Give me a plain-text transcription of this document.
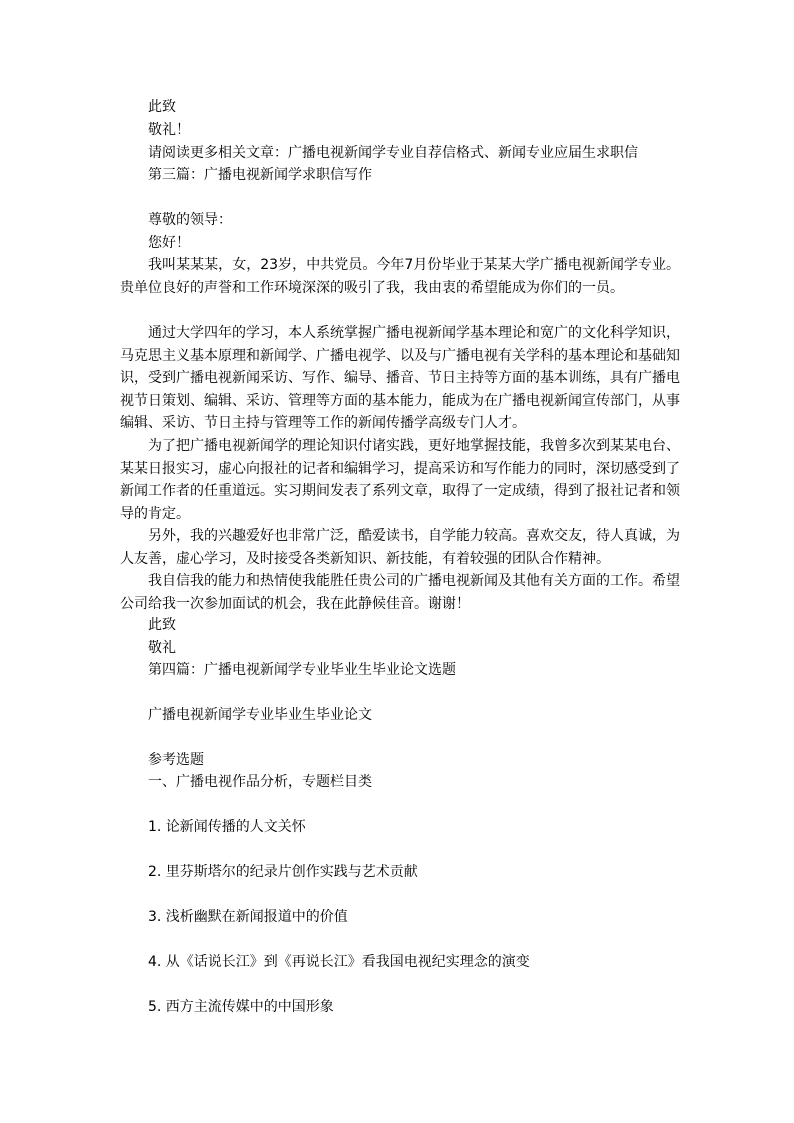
此致

敬礼！

请阅读更多相关文章：广播电视新闻学专业自荐信格式、新闻专业应届生求职信

第三篇：广播电视新闻学求职信写作

尊敬的领导：

您好！

我叫某某某，女，23岁，中共党员。今年7月份毕业于某某大学广播电视新闻学专业。贵单位良好的声誉和工作环境深深的吸引了我，我由衷的希望能成为你们的一员。

通过大学四年的学习，本人系统掌握广播电视新闻学基本理论和宽广的文化科学知识，马克思主义基本原理和新闻学、广播电视学、以及与广播电视有关学科的基本理论和基础知识，受到广播电视新闻采访、写作、编导、播音、节日主持等方面的基本训练，具有广播电视节日策划、编辑、采访、管理等方面的基本能力，能成为在广播电视新闻宣传部门，从事编辑、采访、节日主持与管理等工作的新闻传播学高级专门人才。

为了把广播电视新闻学的理论知识付诸实践，更好地掌握技能，我曾多次到某某电台、某某日报实习，虚心向报社的记者和编辑学习，提高采访和写作能力的同时，深切感受到了新闻工作者的任重道远。实习期间发表了系列文章，取得了一定成绩，得到了报社记者和领导的肯定。

另外，我的兴趣爱好也非常广泛，酷爱读书，自学能力较高。喜欢交友，待人真诚，为人友善，虚心学习，及时接受各类新知识、新技能，有着较强的团队合作精神。

我自信我的能力和热情使我能胜任贵公司的广播电视新闻及其他有关方面的工作。希望公司给我一次参加面试的机会，我在此静候佳音。谢谢！

此致

敬礼

第四篇：广播电视新闻学专业毕业生毕业论文选题

广播电视新闻学专业毕业生毕业论文

参考选题

一、广播电视作品分析，专题栏目类

1. 论新闻传播的人文关怀

2. 里芬斯塔尔的纪录片创作实践与艺术贡献

3. 浅析幽默在新闻报道中的价值

4. 从《话说长江》到《再说长江》看我国电视纪实理念的演变

5. 西方主流传媒中的中国形象
